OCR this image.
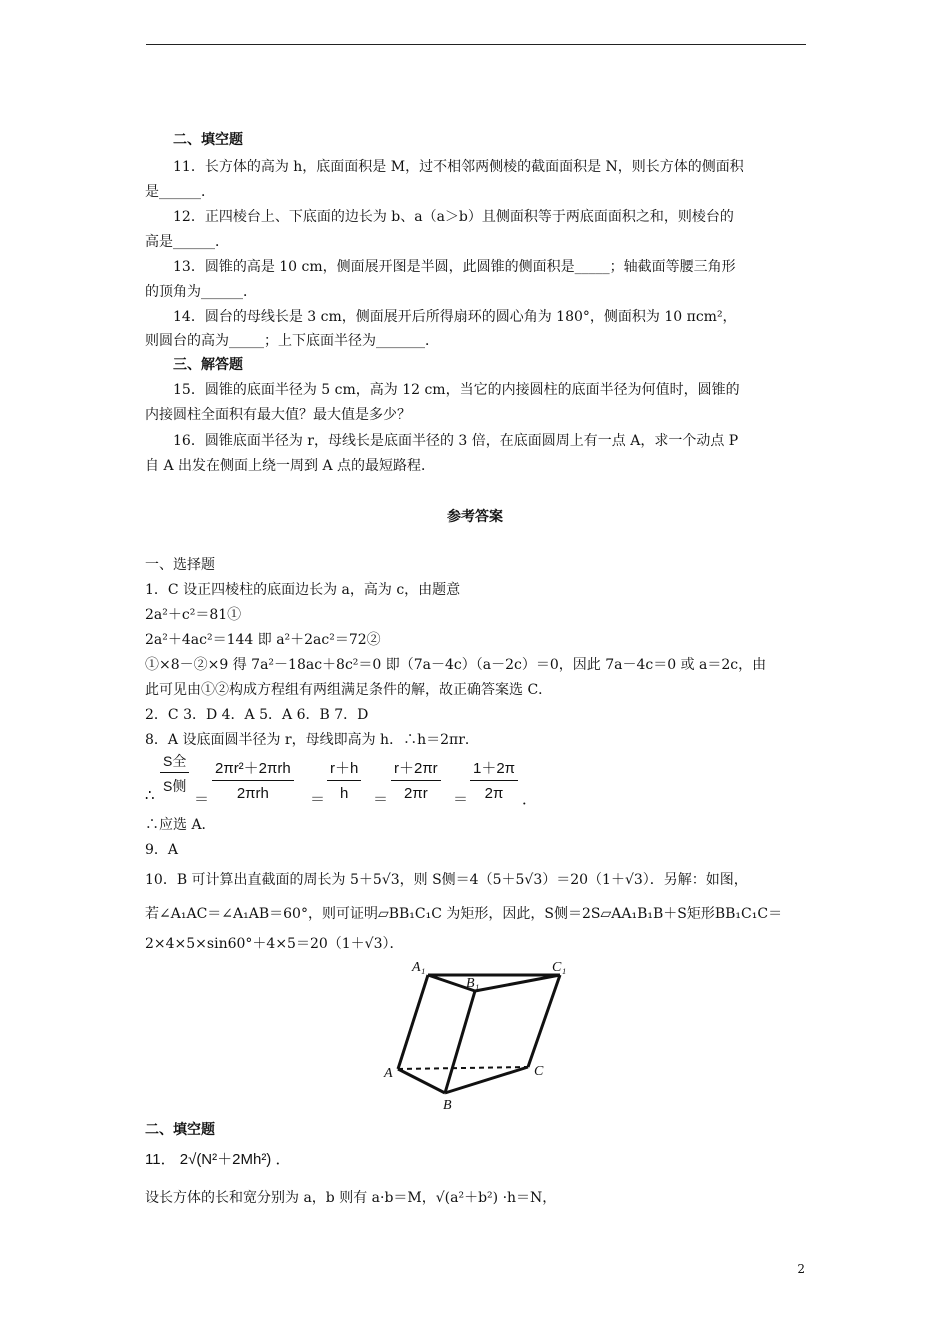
二、填空题
11．长方体的高为 h，底面面积是 M，过不相邻两侧棱的截面面积是 N，则长方体的侧面积
是______．
12．正四棱台上、下底面的边长为 b、a（a＞b）且侧面积等于两底面面积之和，则棱台的
高是______．
13．圆锥的高是 10 cm，侧面展开图是半圆，此圆锥的侧面积是_____；轴截面等腰三角形
的顶角为______．
14．圆台的母线长是 3 cm，侧面展开后所得扇环的圆心角为 180°，侧面积为 10 πcm²，
则圆台的高为_____；上下底面半径为_______．
三、解答题
15．圆锥的底面半径为 5 cm，高为 12 cm，当它的内接圆柱的底面半径为何值时，圆锥的
内接圆柱全面积有最大值？最大值是多少？
16．圆锥底面半径为 r，母线长是底面半径的 3 倍，在底面圆周上有一点 A，求一个动点 P
自 A 出发在侧面上绕一周到 A 点的最短路程．
参考答案
一、选择题
1．C 设正四棱柱的底面边长为 a，高为 c，由题意
2a²＋c²＝81①
2a²＋4ac²＝144 即 a²＋2ac²＝72②
①×8－②×9 得 7a²－18ac＋8c²＝0 即（7a－4c）（a－2c）＝0，因此 7a－4c＝0 或 a＝2c，由
此可见由①②构成方程组有两组满足条件的解，故正确答案选 C．
2．C 3．D 4．A 5．A 6．B 7．D
8．A 设底面圆半径为 r，母线即高为 h．∴h＝2πr．
∴
S全
S侧
＝
2πr²＋2πrh
2πrh	＝ $\frac{r+h}{h} = \frac{r+2\pi r}{2\pi r} = \frac{1+2\pi}{2\pi}$ ．
∴应选 A．
9．A
10．B 可计算出直截面的周长为 5＋5√3，则 S侧＝4（5＋5√3）＝20（1＋√3）．另解：如图，
若∠A₁AC＝∠A₁AB＝60°，则可证明▱BB₁C₁C 为矩形，因此，S侧＝2S▱AA₁B₁B＋S矩形BB₁C₁C＝
2×4×5×sin60°＋4×5＝20（1＋√3）．
A₁
B₁
C₁
A
B
C
二、填空题
11． 2√(N²＋2Mh²) ．
设长方体的长和宽分别为 a，b 则有 a·b＝M，√(a²＋b²) ·h＝N，
2
